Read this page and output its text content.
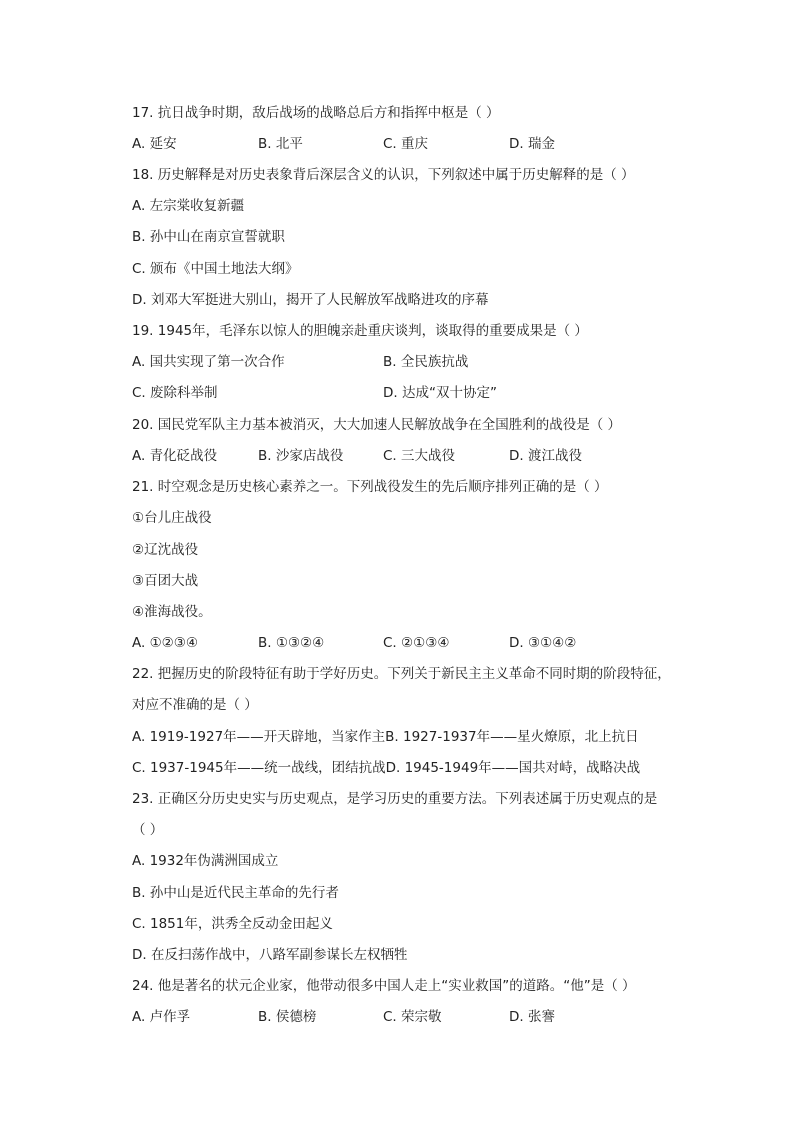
17. 抗日战争时期，敌后战场的战略总后方和指挥中枢是（ ）
A. 延安	B. 北平	C. 重庆	D. 瑞金
18. 历史解释是对历史表象背后深层含义的认识，下列叙述中属于历史解释的是（ ）
A. 左宗棠收复新疆
B. 孙中山在南京宣誓就职
C. 颁布《中国土地法大纲》
D. 刘邓大军挺进大别山，揭开了人民解放军战略进攻的序幕
19. 1945年，毛泽东以惊人的胆魄亲赴重庆谈判，谈取得的重要成果是（ ）
A. 国共实现了第一次合作	B. 全民族抗战
C. 废除科举制	D. 达成“双十协定”
20. 国民党军队主力基本被消灭，大大加速人民解放战争在全国胜利的战役是（ ）
A. 青化砭战役	B. 沙家店战役	C. 三大战役	D. 渡江战役
21. 时空观念是历史核心素养之一。下列战役发生的先后顺序排列正确的是（ ）
①台儿庄战役
②辽沈战役
③百团大战
④淮海战役。
A. ①②③④	B. ①③②④	C. ②①③④	D. ③①④②
22. 把握历史的阶段特征有助于学好历史。下列关于新民主主义革命不同时期的阶段特征，
对应不准确的是（ ）
A. 1919-1927年——开天辟地，当家作主B. 1927-1937年——星火燎原，北上抗日
C. 1937-1945年——统一战线，团结抗战D. 1945-1949年——国共对峙，战略决战
23. 正确区分历史史实与历史观点，是学习历史的重要方法。下列表述属于历史观点的是
（ ）
A. 1932年伪满洲国成立
B. 孙中山是近代民主革命的先行者
C. 1851年，洪秀全反动金田起义
D. 在反扫荡作战中，八路军副参谋长左权牺牲
24. 他是著名的状元企业家，他带动很多中国人走上“实业救国”的道路。“他”是（ ）
A. 卢作孚	B. 侯德榜	C. 荣宗敬	D. 张謇
